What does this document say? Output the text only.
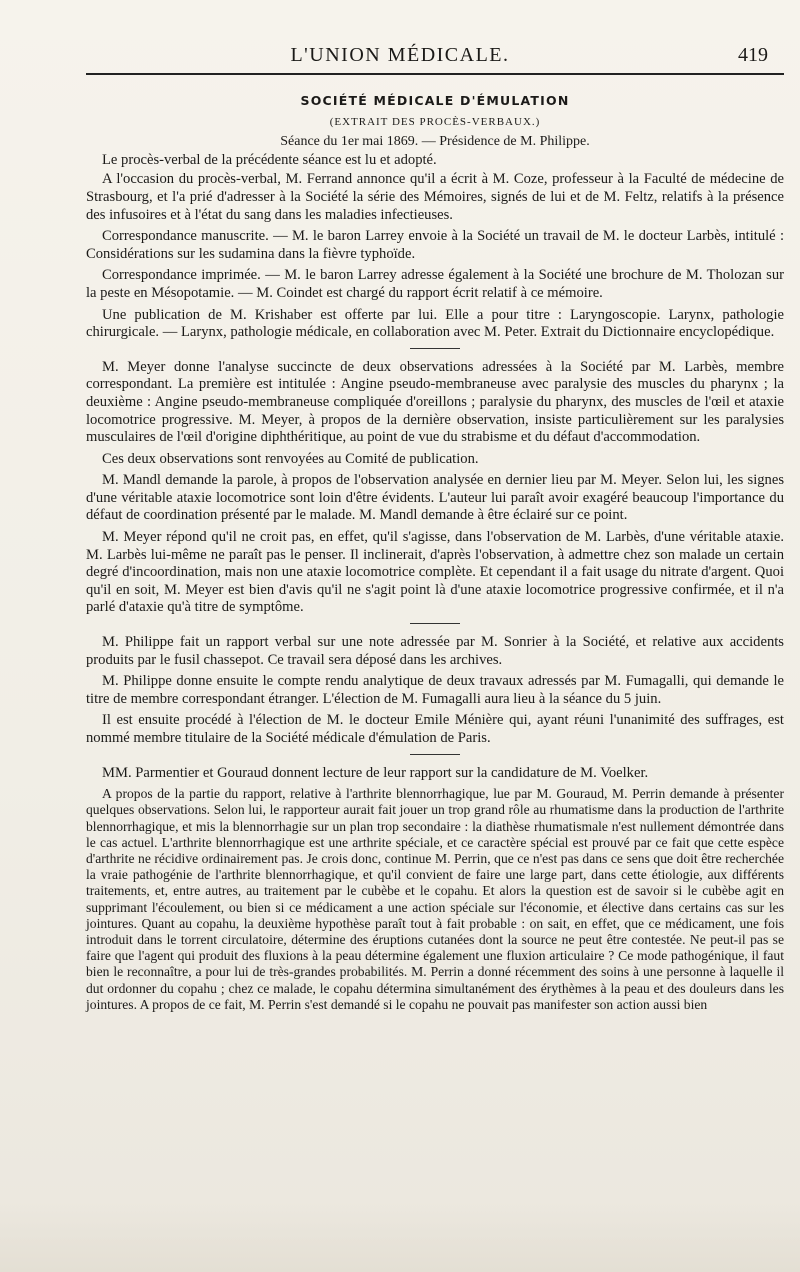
L'UNION MÉDICALE.	419
SOCIÉTÉ MÉDICALE D'ÉMULATION
(EXTRAIT DES PROCÈS-VERBAUX.)
Séance du 1er mai 1869. — Présidence de M. Philippe.

Le procès-verbal de la précédente séance est lu et adopté.

A l'occasion du procès-verbal, M. Ferrand annonce qu'il a écrit à M. Coze, professeur à la Faculté de médecine de Strasbourg, et l'a prié d'adresser à la Société la série des Mémoires, signés de lui et de M. Feltz, relatifs à la présence des infusoires et à l'état du sang dans les maladies infectieuses.

Correspondance manuscrite. — M. le baron Larrey envoie à la Société un travail de M. le docteur Larbès, intitulé : Considérations sur les sudamina dans la fièvre typhoïde.

Correspondance imprimée. — M. le baron Larrey adresse également à la Société une brochure de M. Tholozan sur la peste en Mésopotamie. — M. Coindet est chargé du rapport écrit relatif à ce mémoire.

Une publication de M. Krishaber est offerte par lui. Elle a pour titre : Laryngoscopie. Larynx, pathologie chirurgicale. — Larynx, pathologie médicale, en collaboration avec M. Peter. Extrait du Dictionnaire encyclopédique.

M. Meyer donne l'analyse succincte de deux observations adressées à la Société par M. Larbès, membre correspondant. La première est intitulée : Angine pseudo-membraneuse avec paralysie des muscles du pharynx ; la deuxième : Angine pseudo-membraneuse compliquée d'oreillons ; paralysie du pharynx, des muscles de l'œil et ataxie locomotrice progressive. M. Meyer, à propos de la dernière observation, insiste particulièrement sur les paralysies musculaires de l'œil d'origine diphthéritique, au point de vue du strabisme et du défaut d'accommodation.

Ces deux observations sont renvoyées au Comité de publication.

M. Mandl demande la parole, à propos de l'observation analysée en dernier lieu par M. Meyer. Selon lui, les signes d'une véritable ataxie locomotrice sont loin d'être évidents. L'auteur lui paraît avoir exagéré beaucoup l'importance du défaut de coordination présenté par le malade. M. Mandl demande à être éclairé sur ce point.

M. Meyer répond qu'il ne croit pas, en effet, qu'il s'agisse, dans l'observation de M. Larbès, d'une véritable ataxie. M. Larbès lui-même ne paraît pas le penser. Il inclinerait, d'après l'observation, à admettre chez son malade un certain degré d'incoordination, mais non une ataxie locomotrice complète. Et cependant il a fait usage du nitrate d'argent. Quoi qu'il en soit, M. Meyer est bien d'avis qu'il ne s'agit point là d'une ataxie locomotrice progressive confirmée, et il n'a parlé d'ataxie qu'à titre de symptôme.

M. Philippe fait un rapport verbal sur une note adressée par M. Sonrier à la Société, et relative aux accidents produits par le fusil chassepot. Ce travail sera déposé dans les archives.

M. Philippe donne ensuite le compte rendu analytique de deux travaux adressés par M. Fumagalli, qui demande le titre de membre correspondant étranger. L'élection de M. Fumagalli aura lieu à la séance du 5 juin.

Il est ensuite procédé à l'élection de M. le docteur Emile Ménière qui, ayant réuni l'unanimité des suffrages, est nommé membre titulaire de la Société médicale d'émulation de Paris.

MM. Parmentier et Gouraud donnent lecture de leur rapport sur la candidature de M. Voelker.

A propos de la partie du rapport, relative à l'arthrite blennorrhagique, lue par M. Gouraud, M. Perrin demande à présenter quelques observations. Selon lui, le rapporteur aurait fait jouer un trop grand rôle au rhumatisme dans la production de l'arthrite blennorrhagique, et mis la blennorrhagie sur un plan trop secondaire : la diathèse rhumatismale n'est nullement démontrée dans le cas actuel. L'arthrite blennorrhagique est une arthrite spéciale, et ce caractère spécial est prouvé par ce fait que cette espèce d'arthrite ne récidive ordinairement pas. Je crois donc, continue M. Perrin, que ce n'est pas dans ce sens que doit être recherchée la vraie pathogénie de l'arthrite blennorrhagique, et qu'il convient de faire une large part, dans cette étiologie, aux différents traitements, et, entre autres, au traitement par le cubèbe et le copahu. Et alors la question est de savoir si le cubèbe agit en supprimant l'écoulement, ou bien si ce médicament a une action spéciale sur l'économie, et élective dans certains cas sur les jointures. Quant au copahu, la deuxième hypothèse paraît tout à fait probable : on sait, en effet, que ce médicament, une fois introduit dans le torrent circulatoire, détermine des éruptions cutanées dont la source ne peut être contestée. Ne peut-il pas se faire que l'agent qui produit des fluxions à la peau détermine également une fluxion articulaire ? Ce mode pathogénique, il faut bien le reconnaître, a pour lui de très-grandes probabilités. M. Perrin a donné récemment des soins à une personne à laquelle il dut ordonner du copahu ; chez ce malade, le copahu détermina simultanément des érythèmes à la peau et des douleurs dans les jointures. A propos de ce fait, M. Perrin s'est demandé si le copahu ne pouvait pas manifester son action aussi bien
